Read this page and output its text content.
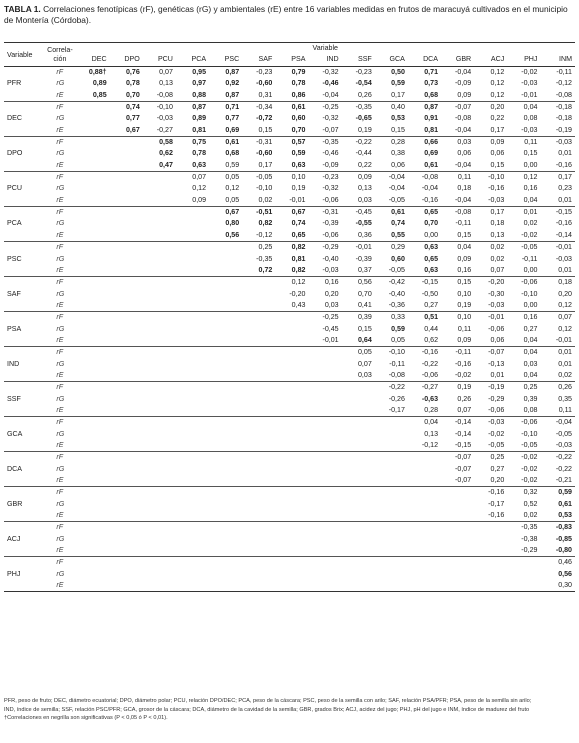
TABLA 1. Correlaciones fenotípicas (rF), genéticas (rG) y ambientales (rE) entre 16 variables medidas en frutos de maracuyá cultivados en el municipio de Montería (Córdoba).
Variable	Correla-
ción	Variable														
		DEC	DPO	PCU	PCA	PSC	SAF	PSA	IND	SSF	GCA	DCA	GBR	ACJ	PHJ	INM
	rF	0,88†	0,76	0,07	0,95	0,87	-0,23	0,79	-0,32	-0,23	0,50	0,71	-0,04	0,12	-0,02	-0,11
PFR	rG	0,89	0,78	0,13	0,97	0,92	-0,60	0,78	-0,46	-0,54	0,59	0,73	-0,09	0,12	-0,03	-0,12
	rE	0,85	0,70	-0,08	0,88	0,87	0,31	0,86	-0,04	0,26	0,17	0,68	0,09	0,12	-0,01	-0,08
	rF		0,74	-0,10	0,87	0,71	-0,34	0,61	-0,25	-0,35	0,40	0,87	-0,07	0,20	0,04	-0,18
DEC	rG		0,77	-0,03	0,89	0,77	-0,72	0,60	-0,32	-0,65	0,53	0,91	-0,08	0,22	0,08	-0,18
	rE		0,67	-0,27	0,81	0,69	0,15	0,70	-0,07	0,19	0,15	0,81	-0,04	0,17	-0,03	-0,19
	rF			0,58	0,75	0,61	-0,31	0,57	-0,35	-0,22	0,28	0,66	0,03	0,09	0,11	-0,03
DPO	rG			0,62	0,78	0,68	-0,60	0,59	-0,46	-0,44	0,38	0,69	0,06	0,06	0,15	0,01
	rE			0,47	0,63	0,59	0,17	0,63	-0,09	0,22	0,06	0,61	-0,04	0,15	0,00	-0,16
	rF				0,07	0,05	-0,05	0,10	-0,23	0,09	-0,04	-0,08	0,11	-0,10	0,12	0,17
PCU	rG				0,12	0,12	-0,10	0,19	-0,32	0,13	-0,04	-0,04	0,18	-0,16	0,16	0,23
	rE				0,09	0,05	0,02	-0,01	-0,06	0,03	-0,05	-0,16	-0,04	-0,03	0,04	0,01
	rF					0,67	-0,51	0,67	-0,31	-0,45	0,61	0,65	-0,08	0,17	0,01	-0,15
PCA	rG					0,80	0,82	0,74	-0,39	-0,55	0,74	0,70	-0,11	0,18	0,02	-0,16
	rE					0,56	-0,12	0,65	-0,06	0,36	0,55	0,00	0,15	0,13	-0,02	-0,14
	rF						0,25	0,82	-0,29	-0,01	0,29	0,63	0,04	0,02	-0,05	-0,01
PSC	rG						-0,35	0,81	-0,40	-0,39	0,60	0,65	0,09	0,02	-0,11	-0,03
	rE						0,72	0,82	-0,03	0,37	-0,05	0,63	0,16	0,07	0,00	0,01
	rF							0,12	0,16	0,56	-0,42	-0,15	0,15	-0,20	-0,06	0,18
SAF	rG							-0,20	0,20	0,70	-0,40	-0,50	0,10	-0,30	-0,10	0,20
	rE							0,43	0,03	0,41	-0,36	0,27	0,19	-0,03	0,00	0,12
	rF								-0,25	0,39	0,33	0,51	0,10	-0,01	0,16	0,07
PSA	rG								-0,45	0,15	0,59	0,44	0,11	-0,06	0,27	0,12
	rE								-0,01	0,64	0,05	0,62	0,09	0,06	0,04	-0,01
	rF									0,05	-0,10	-0,16	-0,11	-0,07	0,04	0,01
IND	rG									0,07	-0,11	-0,22	-0,16	-0,13	0,03	0,01
	rE									0,03	-0,08	-0,06	-0,02	0,01	0,04	0,02
	rF										-0,22	-0,27	0,19	-0,19	0,25	0,26
SSF	rG										-0,26	-0,63	0,26	-0,29	0,39	0,35
	rE										-0,17	0,28	0,07	-0,06	0,08	0,11
	rF											0,04	-0,14	-0,03	-0,06	-0,04
GCA	rG											0,13	-0,14	-0,02	-0,10	-0,05
	rE											-0,12	-0,15	-0,05	-0,05	-0,03
	rF												-0,07	0,25	-0,02	-0,22
DCA	rG												-0,07	0,27	-0,02	-0,22
	rE												-0,07	0,20	-0,02	-0,21
	rF													-0,16	0,32	0,59
GBR	rG													-0,17	0,52	0,61
	rE													-0,16	0,02	0,53
	rF														-0,35	-0,83
ACJ	rG														-0,38	-0,85
	rE														-0,29	-0,80
	rF															0,46
PHJ	rG															0,56
	rE															0,30
PFR, peso de fruto; DEC, diámetro ecuatorial; DPO, diámetro polar; PCU, relación DPO/DEC; PCA, peso de la cáscara; PSC, peso de la semilla con arilo; SAF, relación PSA/PFR; PSA, peso de la semilla sin arilo;
IND, índice de semilla; SSF, relación PSC/PFR; GCA, grosor de la cáscara; DCA, diámetro de la cavidad de la semilla; GBR, grados Brix; ACJ, acidez del jugo; PHJ, pH del jugo e INM, índice de madurez del fruto
†Correlaciones en negrilla son significativas (P < 0,05 ó P < 0,01).
